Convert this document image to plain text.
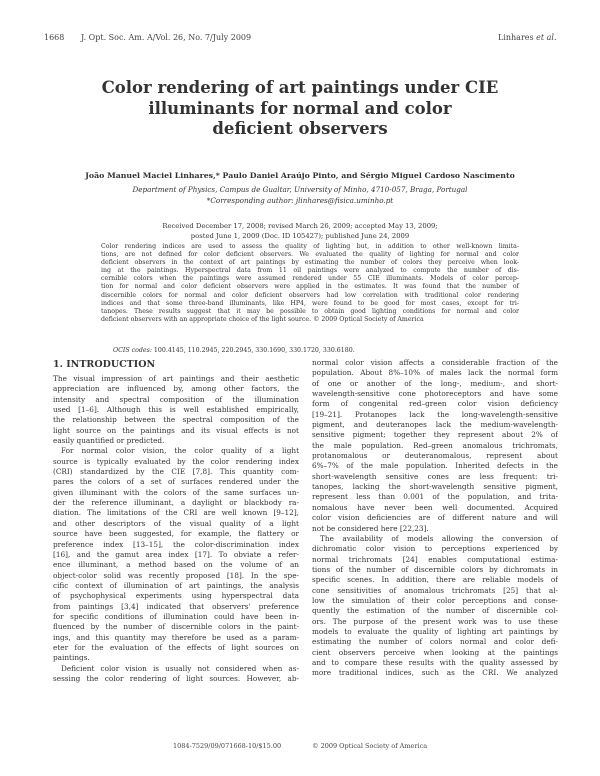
1668 J. Opt. Soc. Am. A/Vol. 26, No. 7/July 2009	Linhares et al.
Color rendering of art paintings under CIE
illuminants for normal and color
deficient observers
João Manuel Maciel Linhares,* Paulo Daniel Araújo Pinto, and Sérgio Miguel Cardoso Nascimento
Department of Physics, Campus de Gualtar, University of Minho, 4710-057, Braga, Portugal
*Corresponding author: jlinhares@fisica.uminho.pt
Received December 17, 2008; revised March 26, 2009; accepted May 13, 2009;
posted June 1, 2009 (Doc. ID 105427); published June 24, 2009
Color rendering indices are used to assess the quality of lighting but, in addition to other well-known limita-
tions, are not defined for color deficient observers. We evaluated the quality of lighting for normal and color
deficient observers in the context of art paintings by estimating the number of colors they perceive when look-
ing at the paintings. Hyperspectral data from 11 oil paintings were analyzed to compute the number of dis-
cernible colors when the paintings were assumed rendered under 55 CIE illuminants. Models of color percep-
tion for normal and color deficient observers were applied in the estimates. It was found that the number of
discernible colors for normal and color deficient observers had low correlation with traditional color rendering
indices and that some three-band illuminants, like HP4, were found to be good for most cases, except for tri-
tanopes. These results suggest that it may be possible to obtain good lighting conditions for normal and color
deficient observers with an appropriate choice of the light source. © 2009 Optical Society of America
OCIS codes: 100.4145, 110.2945, 220.2945, 330.1690, 330.1720, 330.6180.
1. INTRODUCTION
The visual impression of art paintings and their aesthetic
appreciation are influenced by, among other factors, the
intensity and spectral composition of the illumination
used [1–6]. Although this is well established empirically,
the relationship between the spectral composition of the
light source on the paintings and its visual effects is not
easily quantified or predicted.
For normal color vision, the color quality of a light
source is typically evaluated by the color rendering index
(CRI) standardized by the CIE [7,8]. This quantity com-
pares the colors of a set of surfaces rendered under the
given illuminant with the colors of the same surfaces un-
der the reference illuminant, a daylight or blackbody ra-
diation. The limitations of the CRI are well known [9–12],
and other descriptors of the visual quality of a light
source have been suggested, for example, the flattery or
preference index [13–15], the color-discrimination index
[16], and the gamut area index [17]. To obviate a refer-
ence illuminant, a method based on the volume of an
object-color solid was recently proposed [18]. In the spe-
cific context of illumination of art paintings, the analysis
of psychophysical experiments using hyperspectral data
from paintings [3,4] indicated that observers' preference
for specific conditions of illumination could have been in-
fluenced by the number of discernible colors in the paint-
ings, and this quantity may therefore be used as a param-
eter for the evaluation of the effects of light sources on
paintings.
Deficient color vision is usually not considered when as-
sessing the color rendering of light sources. However, ab-
normal color vision affects a considerable fraction of the
population. About 8%–10% of males lack the normal form
of one or another of the long-, medium-, and short-
wavelength-sensitive cone photoreceptors and have some
form of congenital red–green color vision deficiency
[19–21]. Protanopes lack the long-wavelength-sensitive
pigment, and deuteranopes lack the medium-wavelength-
sensitive pigment; together they represent about 2% of
the male population. Red–green anomalous trichromats,
protanomalous or deuteranomalous, represent about
6%–7% of the male population. Inherited defects in the
short-wavelength sensitive cones are less frequent: tri-
tanopes, lacking the short-wavelength sensitive pigment,
represent less than 0.001 of the population, and trita-
nomalous have never been well documented. Acquired
color vision deficiencies are of different nature and will
not be considered here [22,23].
The availability of models allowing the conversion of
dichromatic color vision to perceptions experienced by
normal trichromats [24] enables computational estima-
tions of the number of discernible colors by dichromats in
specific scenes. In addition, there are reliable models of
cone sensitivities of anomalous trichromats [25] that al-
low the simulation of their color perceptions and conse-
quently the estimation of the number of discernible col-
ors. The purpose of the present work was to use these
models to evaluate the quality of lighting art paintings by
estimating the number of colors normal and color defi-
cient observers perceive when looking at the paintings
and to compare these results with the quality assessed by
more traditional indices, such as the CRI. We analyzed
1084-7529/09/071668-10/$15.00	© 2009 Optical Society of America
